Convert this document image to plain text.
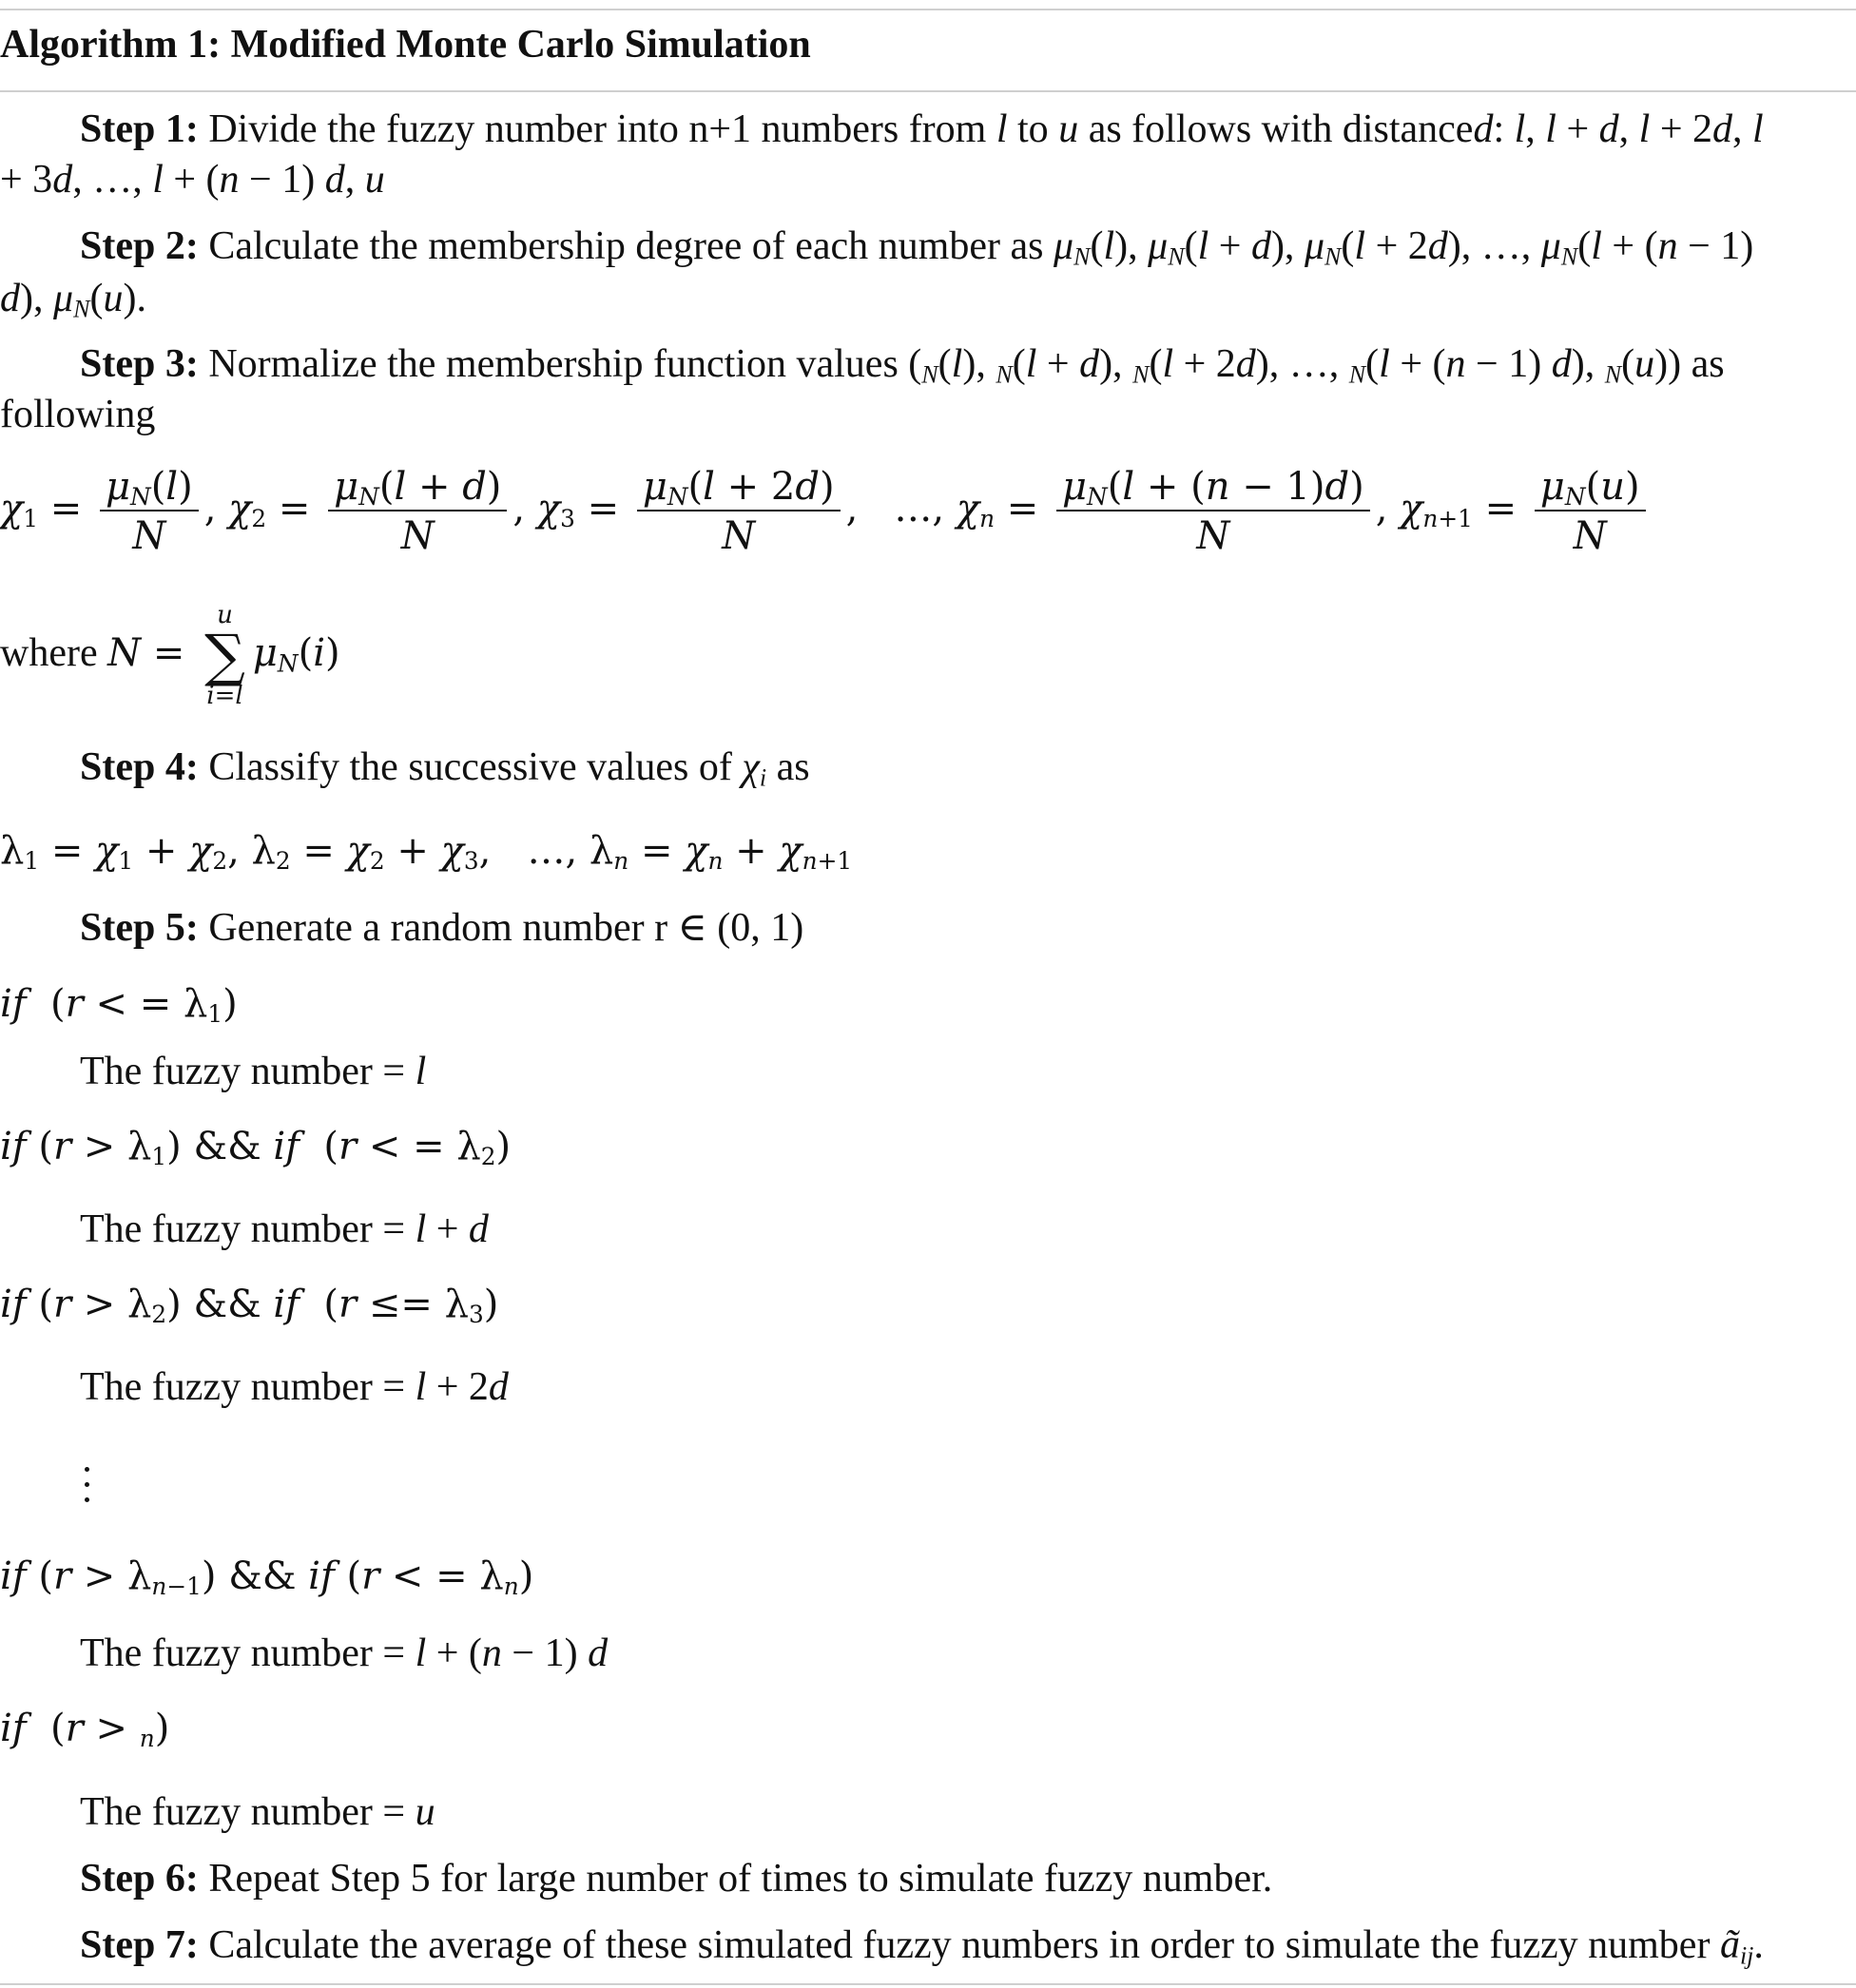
Algorithm 1: Modified Monte Carlo Simulation
Step 1: Divide the fuzzy number into n+1 numbers from l to u as follows with distanced: l, l + d, l + 2d, l
+ 3d, …, l + (n − 1) d, u
Step 2: Calculate the membership degree of each number as $\mu_N(l)$, $\mu_N(l + d)$, $\mu_N(l + 2d)$, …, $\mu_N(l + (n - 1)$
d), $\mu_N(u)$.
Step 3: Normalize the membership function values ($_N(l)$, $_N$(l + d), $_N$(l + 2d), …, $_N$(l + (n − 1) d), $_N$(u)) as
following
$\chi_1 = \frac{\mu_N(l)}{N}$ , $\chi_2 = \frac{\mu_N(l + d)}{N}$ , $\chi_3 = \frac{\mu_N(l + 2d)}{N}$ ,   …, $\chi_n = \frac{\mu_N(l + (n - 1)d)}{N}$ , $\chi_{n+1} = \frac{\mu_N(u)}{N}$
where N =
u
∑
i=l
$\mu_N(i)$
Step 4: Classify the successive values of $\chi_i$ as
$\lambda_1 = \chi_1 + \chi_2$, $\lambda_2 = \chi_2 + \chi_3$,   …, $\lambda_n = \chi_n + \chi_{n+1}$
Step 5: Generate a random number r ∈ (0, 1)
if  (r < = $\lambda_1$)
The fuzzy number = l
if $(r > \lambda_1)$ && if  (r < = $\lambda_2$)
The fuzzy number = l + d
if $(r > \lambda_2)$ && if  $(r \le= \lambda_3)$
The fuzzy number = l + 2d
if $(r > \lambda_{n-1})$ && if (r < = $\lambda_n$)
The fuzzy number = l + (n − 1) d
if  (r > $_n$)
The fuzzy number = u
Step 6: Repeat Step 5 for large number of times to simulate fuzzy number.
Step 7: Calculate the average of these simulated fuzzy numbers in order to simulate the fuzzy number $ã_{ij}$.
